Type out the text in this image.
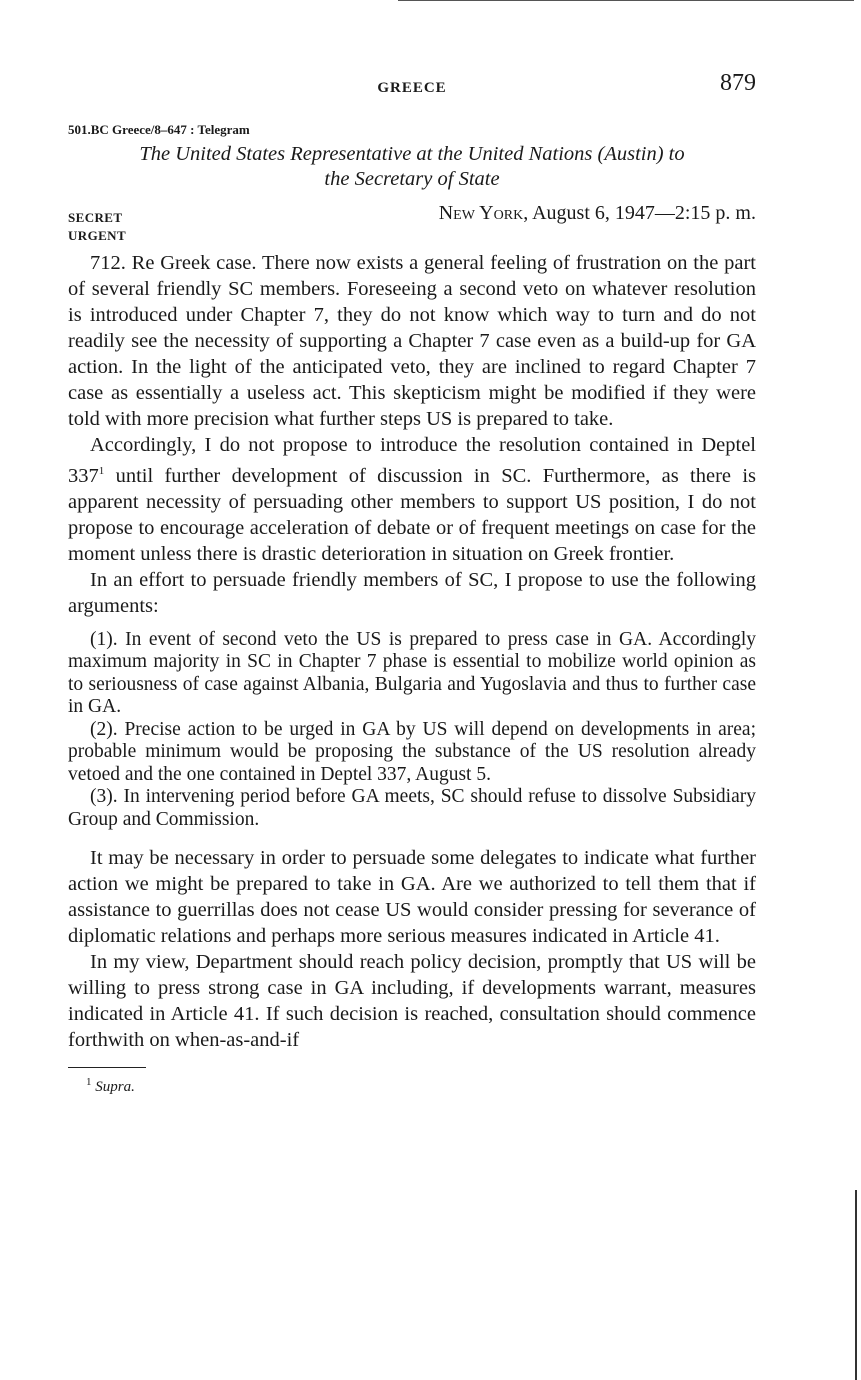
GREECE	879
501.BC Greece/8–647 : Telegram
The United States Representative at the United Nations (Austin) to
the Secretary of State
SECRET	New York, August 6, 1947—2:15 p. m.
URGENT

712. Re Greek case. There now exists a general feeling of frustration on the part of several friendly SC members. Foreseeing a second veto on whatever resolution is introduced under Chapter 7, they do not know which way to turn and do not readily see the necessity of supporting a Chapter 7 case even as a build-up for GA action. In the light of the anticipated veto, they are inclined to regard Chapter 7 case as essentially a useless act. This skepticism might be modified if they were told with more precision what further steps US is prepared to take.

Accordingly, I do not propose to introduce the resolution contained in Deptel $337^1$ until further development of discussion in SC. Furthermore, as there is apparent necessity of persuading other members to support US position, I do not propose to encourage acceleration of debate or of frequent meetings on case for the moment unless there is drastic deterioration in situation on Greek frontier.

In an effort to persuade friendly members of SC, I propose to use the following arguments:

(1). In event of second veto the US is prepared to press case in GA. Accordingly maximum majority in SC in Chapter 7 phase is essential to mobilize world opinion as to seriousness of case against Albania, Bulgaria and Yugoslavia and thus to further case in GA.

(2). Precise action to be urged in GA by US will depend on developments in area; probable minimum would be proposing the substance of the US resolution already vetoed and the one contained in Deptel 337, August 5.

(3). In intervening period before GA meets, SC should refuse to dissolve Subsidiary Group and Commission.

It may be necessary in order to persuade some delegates to indicate what further action we might be prepared to take in GA. Are we authorized to tell them that if assistance to guerrillas does not cease US would consider pressing for severance of diplomatic relations and perhaps more serious measures indicated in Article 41.

In my view, Department should reach policy decision, promptly that US will be willing to press strong case in GA including, if developments warrant, measures indicated in Article 41. If such decision is reached, consultation should commence forthwith on when-as-and-if

$^1$ Supra.
